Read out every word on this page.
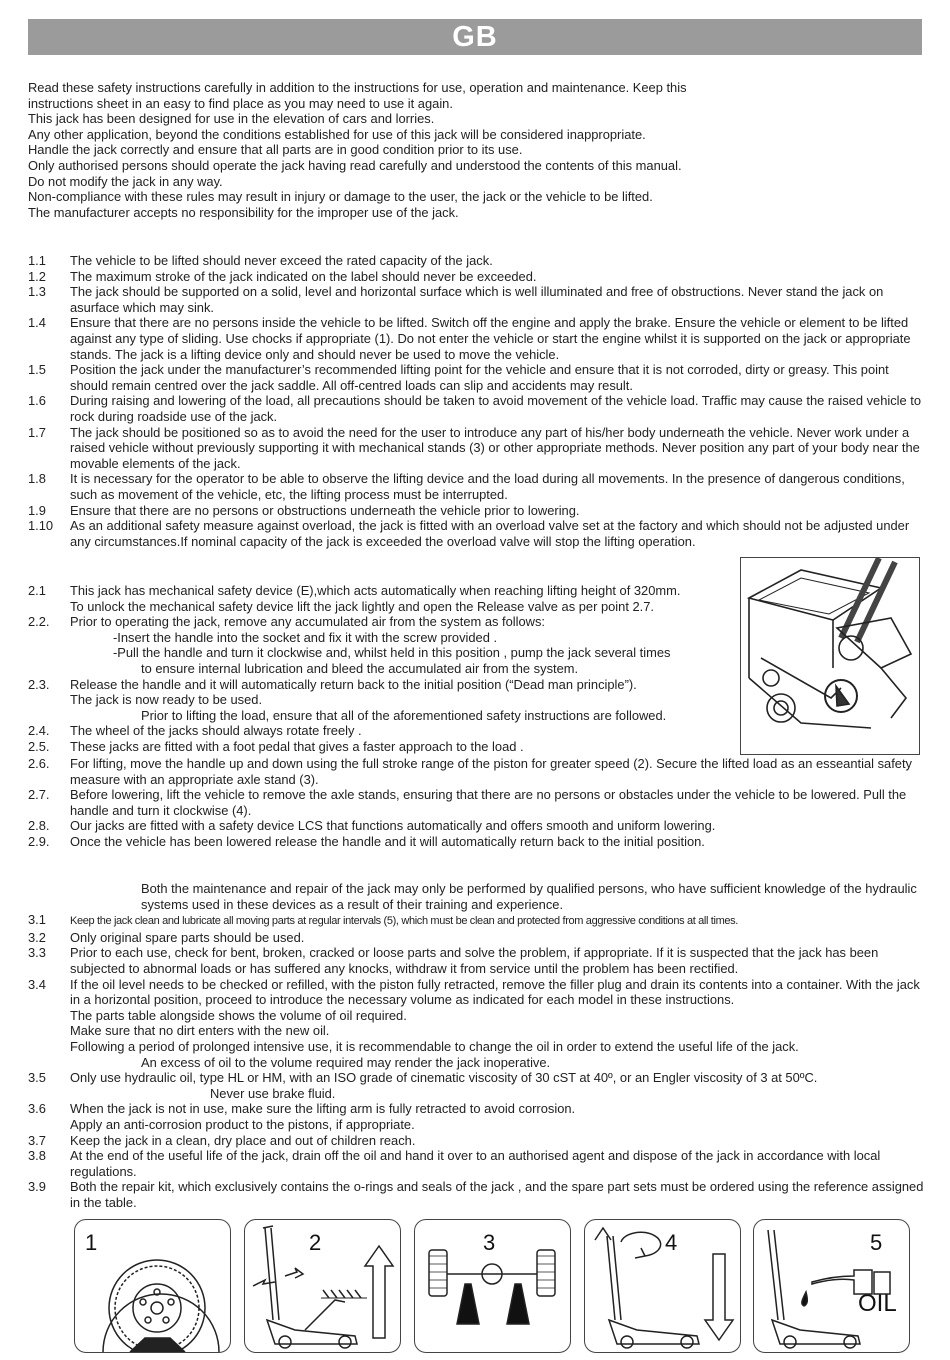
GB
Read these safety instructions carefully in addition to the instructions for use, operation and maintenance. Keep this
instructions sheet in an easy to find place as you may need to use it again.
This jack has been designed for use in the elevation of cars and lorries.
Any other application, beyond the conditions established for use of this jack will be considered inappropriate.
Handle the jack correctly and ensure that all parts are in good condition prior to its use.
Only authorised persons should operate the jack having read carefully and understood the contents of this manual.
Do not modify the jack in any way.
Non-compliance with these rules may result in injury or damage to the user, the jack or the vehicle to be lifted.
The manufacturer accepts no responsibility for the improper use of the jack.
1.1 The vehicle to be lifted should never exceed the rated capacity of the jack.
1.2 The maximum stroke of the jack indicated on the label should never be exceeded.
1.3 The jack should be supported on a solid, level and horizontal surface which is well illuminated and free of obstructions. Never stand the jack on asurface which may sink.
1.4 Ensure that there are no persons inside the vehicle to be lifted. Switch off the engine and apply the brake. Ensure the vehicle or element to be lifted against any type of sliding. Use chocks if appropriate (1). Do not enter the vehicle or start the engine whilst it is supported on the jack or appropriate stands. The jack is a lifting device only and should never be used to move the vehicle.
1.5 Position the jack under the manufacturer’s recommended lifting point for the vehicle and ensure that it is not corroded, dirty or greasy. This point should remain centred over the jack saddle. All off-centred loads can slip and accidents may result.
1.6 During raising and lowering of the load, all precautions should be taken to avoid movement of the vehicle load. Traffic may cause the raised vehicle to rock during roadside use of the jack.
1.7 The jack should be positioned so as to avoid the need for the user to introduce any part of his/her body underneath the vehicle. Never work under a raised vehicle without previously supporting it with mechanical stands (3) or other appropriate methods. Never position any part of your body near the movable elements of the jack.
1.8 It is necessary for the operator to be able to observe the lifting device and the load during all movements. In the presence of dangerous conditions, such as movement of the vehicle, etc, the lifting process must be interrupted.
1.9 Ensure that there are no persons or obstructions underneath the vehicle prior to lowering.
1.10 As an additional safety measure against overload, the jack is fitted with an overload valve set at the factory and which should not be adjusted under any circumstances.If nominal capacity of the jack is exceeded the overload valve will stop the lifting operation.
2.1 This jack has mechanical safety device (E),which acts automatically when reaching lifting height of 320mm.
To unlock the mechanical safety device lift the jack lightly and open the Release valve as per point 2.7.
2.2. Prior to operating the jack, remove any accumulated air from the system as follows:
-Insert the handle into the socket and fix it with the screw provided .
-Pull the handle and turn it clockwise and, whilst held in this position , pump the jack several times
to ensure internal lubrication and bleed the accumulated air from the system.
2.3. Release the handle and it will automatically return back to the initial position (“Dead man principle”).
The jack is now ready to be used.
Prior to lifting the load, ensure that all of the aforementioned safety instructions are followed.
2.4. The wheel of the jacks should always rotate freely .
2.5. These jacks are fitted with a foot pedal that gives a faster approach to the load .
2.6. For lifting, move the handle up and down using the full stroke range of the piston for greater speed (2). Secure the lifted load as an esseantial safety measure with an appropriate axle stand (3).
2.7. Before lowering, lift the vehicle to remove the axle stands, ensuring that there are no persons or obstacles under the vehicle to be lowered. Pull the handle and turn it clockwise (4).
2.8. Our jacks are fitted with a safety device LCS that functions automatically and offers smooth and uniform lowering.
2.9. Once the vehicle has been lowered release the handle and it will automatically return back to the initial position.
Both the maintenance and repair of the jack may only be performed by qualified persons, who have sufficient knowledge of the hydraulic systems used in these devices as a result of their training and experience.
3.1 Keep the jack clean and lubricate all moving parts at regular intervals (5), which must be clean and protected from aggressive conditions at all times.
3.2 Only original spare parts should be used.
3.3 Prior to each use, check for bent, broken, cracked or loose parts and solve the problem, if appropriate. If it is suspected that the jack has been subjected to abnormal loads or has suffered any knocks, withdraw it from service until the problem has been rectified.
3.4 If the oil level needs to be checked or refilled, with the piston fully retracted, remove the filler plug and drain its contents into a container. With the jack in a horizontal position, proceed to introduce the necessary volume as indicated for each model in these instructions.
The parts table alongside shows the volume of oil required.
Make sure that no dirt enters with the new oil.
Following a period of prolonged intensive use, it is recommendable to change the oil in order to extend the useful life of the jack.
An excess of oil to the volume required may render the jack inoperative.
3.5 Only use hydraulic oil, type HL or HM, with an ISO grade of cinematic viscosity of 30 cST at 40º, or an Engler viscosity of 3 at 50ºC.
Never use brake fluid.
3.6 When the jack is not in use, make sure the lifting arm is fully retracted to avoid corrosion.
Apply an anti-corrosion product to the pistons, if appropriate.
3.7 Keep the jack in a clean, dry place and out of children reach.
3.8 At the end of the useful life of the jack, drain off the oil and hand it over to an authorised agent and dispose of the jack in accordance with local regulations.
3.9 Both the repair kit, which exclusively contains the o-rings and seals of the jack , and the spare part sets must be ordered using the reference assigned in the table.
1	2	3	4	5
OIL
